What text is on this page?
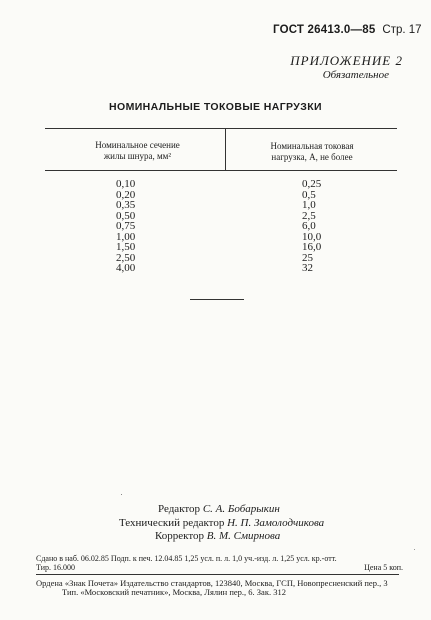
ГОСТ 26413.0—85 Стр. 17
ПРИЛОЖЕНИЕ 2
Обязательное
НОМИНАЛЬНЫЕ ТОКОВЫЕ НАГРУЗКИ
Номинальное сечение
жилы шнура, мм²
Номинальная токовая
нагрузка, А, не более
0,10
0,20
0,35
0,50
0,75
1,00
1,50
2,50
4,00
0,25
0,5
1,0
2,5
6,0
10,0
16,0
25
32
Редактор С. А. Бобарыкин
Технический редактор Н. П. Замолодчикова
Корректор В. М. Смирнова
Сдано в наб. 06.02.85 Подп. к печ. 12.04.85 1,25 усл. п. л. 1,0 уч.-изд. л. 1,25 усл. кр.-отт.
Тир. 16.000	Цена 5 коп.
Ордена «Знак Почета» Издательство стандартов, 123840, Москва, ГСП, Новопресненский пер., 3
Тип. «Московский печатник», Москва, Лялин пер., 6. Зак. 312
